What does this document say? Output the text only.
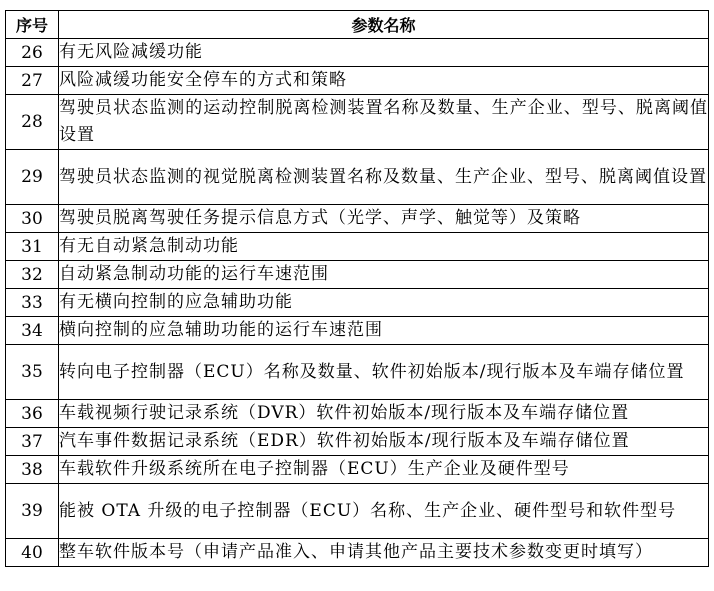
序号	参数名称
26	有无风险减缓功能
27	风险减缓功能安全停车的方式和策略
28	驾驶员状态监测的运动控制脱离检测装置名称及数量、生产企业、型号、脱离阈值设置
29	驾驶员状态监测的视觉脱离检测装置名称及数量、生产企业、型号、脱离阈值设置
30	驾驶员脱离驾驶任务提示信息方式（光学、声学、触觉等）及策略
31	有无自动紧急制动功能
32	自动紧急制动功能的运行车速范围
33	有无横向控制的应急辅助功能
34	横向控制的应急辅助功能的运行车速范围
35	转向电子控制器（ECU）名称及数量、软件初始版本/现行版本及车端存储位置
36	车载视频行驶记录系统（DVR）软件初始版本/现行版本及车端存储位置
37	汽车事件数据记录系统（EDR）软件初始版本/现行版本及车端存储位置
38	车载软件升级系统所在电子控制器（ECU）生产企业及硬件型号
39	能被 OTA 升级的电子控制器（ECU）名称、生产企业、硬件型号和软件型号
40	整车软件版本号（申请产品准入、申请其他产品主要技术参数变更时填写）
